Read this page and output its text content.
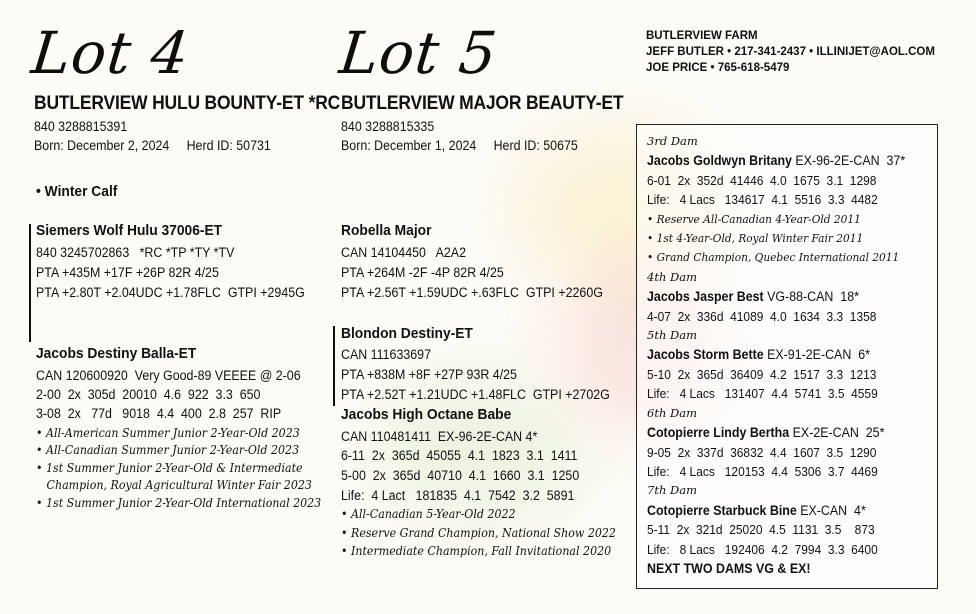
Lot 4
BUTLERVIEW HULU BOUNTY-ET *RC
840 3288815391
Born: December 2, 2024     Herd ID: 50731
• Winter Calf
Siemers Wolf Hulu 37006-ET
840 3245702863   *RC *TP *TY *TV
PTA +435M +17F +26P 82R 4/25
PTA +2.80T +2.04UDC +1.78FLC  GTPI +2945G
Jacobs Destiny Balla-ET
CAN 120600920  Very Good-89 VEEEE @ 2-06
2-00  2x  305d  20010  4.6  922  3.3  650
3-08  2x   77d   9018  4.4  400  2.8  257  RIP
• All-American Summer Junior 2-Year-Old 2023
• All-Canadian Summer Junior 2-Year-Old 2023
• 1st Summer Junior 2-Year-Old & Intermediate
Champion, Royal Agricultural Winter Fair 2023
• 1st Summer Junior 2-Year-Old International 2023
Lot 5
BUTLERVIEW MAJOR BEAUTY-ET
840 3288815335
Born: December 1, 2024     Herd ID: 50675
Robella Major
CAN 14104450   A2A2
PTA +264M -2F -4P 82R 4/25
PTA +2.56T +1.59UDC +.63FLC  GTPI +2260G
Blondon Destiny-ET
CAN 111633697
PTA +838M +8F +27P 93R 4/25
PTA +2.52T +1.21UDC +1.48FLC  GTPI +2702G
Jacobs High Octane Babe
CAN 110481411  EX-96-2E-CAN 4*
6-11  2x  365d  45055  4.1  1823  3.1  1411
5-00  2x  365d  40710  4.1  1660  3.1  1250
Life:  4 Lact   181835  4.1  7542  3.2  5891
• All-Canadian 5-Year-Old 2022
• Reserve Grand Champion, National Show 2022
• Intermediate Champion, Fall Invitational 2020
BUTLERVIEW FARM
JEFF BUTLER • 217-341-2437 • ILLINIJET@AOL.COM
JOE PRICE • 765-618-5479
3rd Dam
Jacobs Goldwyn Britany EX-96-2E-CAN  37*
6-01  2x  352d  41446  4.0  1675  3.1  1298
Life:   4 Lacs   134617  4.1  5516  3.3  4482
• Reserve All-Canadian 4-Year-Old 2011
• 1st 4-Year-Old, Royal Winter Fair 2011
• Grand Champion, Quebec International 2011
4th Dam
Jacobs Jasper Best VG-88-CAN  18*
4-07  2x  336d  41089  4.0  1634  3.3  1358
5th Dam
Jacobs Storm Bette EX-91-2E-CAN  6*
5-10  2x  365d  36409  4.2  1517  3.3  1213
Life:   4 Lacs   131407  4.4  5741  3.5  4559
6th Dam
Cotopierre Lindy Bertha EX-2E-CAN  25*
9-05  2x  337d  36832  4.4  1607  3.5  1290
Life:   4 Lacs   120153  4.4  5306  3.7  4469
7th Dam
Cotopierre Starbuck Bine EX-CAN  4*
5-11  2x  321d  25020  4.5  1131  3.5    873
Life:   8 Lacs   192406  4.2  7994  3.3  6400
NEXT TWO DAMS VG & EX!
